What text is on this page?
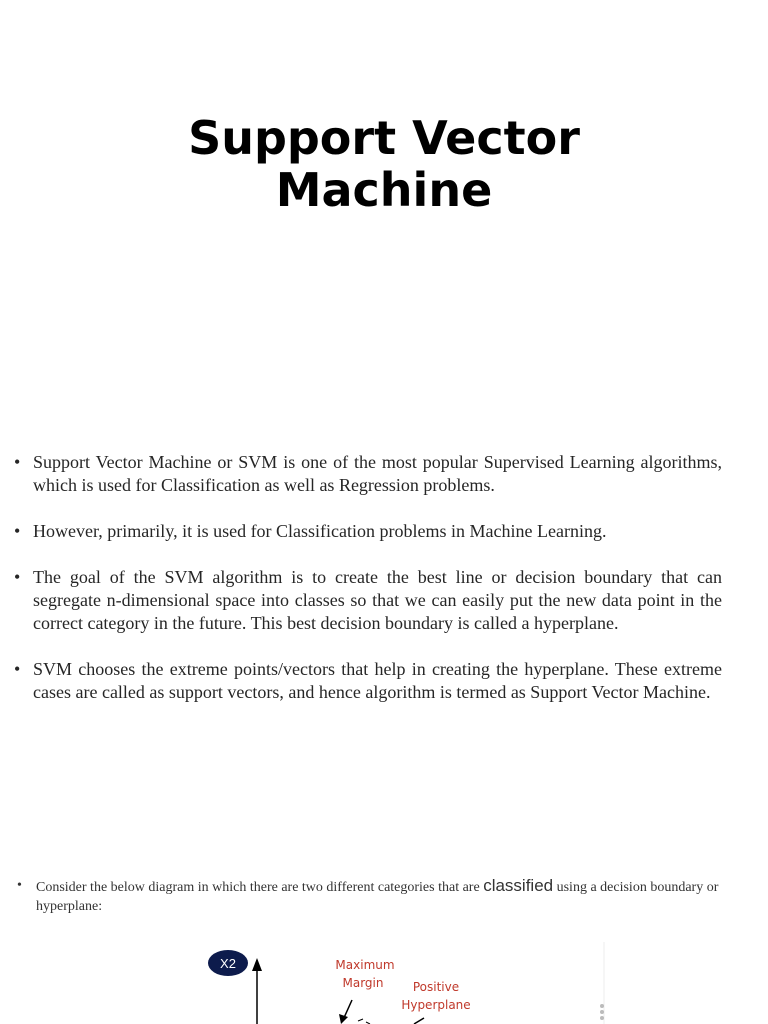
Support Vector
Machine
• Support Vector Machine or SVM is one of the most popular Supervised Learning algorithms, which is used for Classification as well as Regression problems.
• However, primarily, it is used for Classification problems in Machine Learning.
• The goal of the SVM algorithm is to create the best line or decision boundary that can segregate n-dimensional space into classes so that we can easily put the new data point in the correct category in the future. This best decision boundary is called a hyperplane.
• SVM chooses the extreme points/vectors that help in creating the hyperplane. These extreme cases are called as support vectors, and hence algorithm is termed as Support Vector Machine.

• Consider the below diagram in which there are two different categories that are classified using a decision boundary or hyperplane:

X2	Maximum
Margin Positive
Hyperplane
